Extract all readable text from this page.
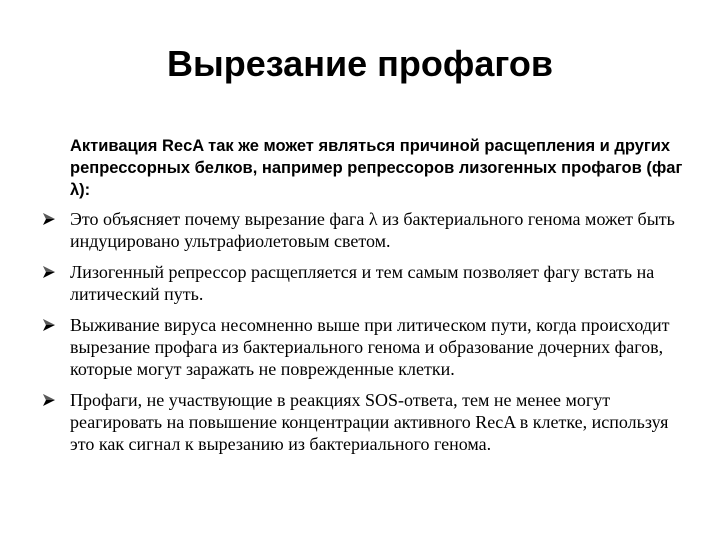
Вырезание профагов

Активация RecA так же может являться причиной расщепления и других репрессорных белков, например репрессоров лизогенных профагов (фаг λ):

Это объясняет почему вырезание фага λ из бактериального генома может быть индуцировано ультрафиолетовым светом.
Лизогенный репрессор расщепляется и тем самым позволяет фагу встать на литический путь.
Выживание вируса несомненно выше при литическом пути, когда происходит вырезание профага из бактериального генома и образование дочерних фагов, которые могут заражать не поврежденные клетки.
Профаги, не участвующие в реакциях SOS-ответа, тем не менее могут реагировать на повышение концентрации активного RecA в клетке, используя это как сигнал к вырезанию из бактериального генома.
